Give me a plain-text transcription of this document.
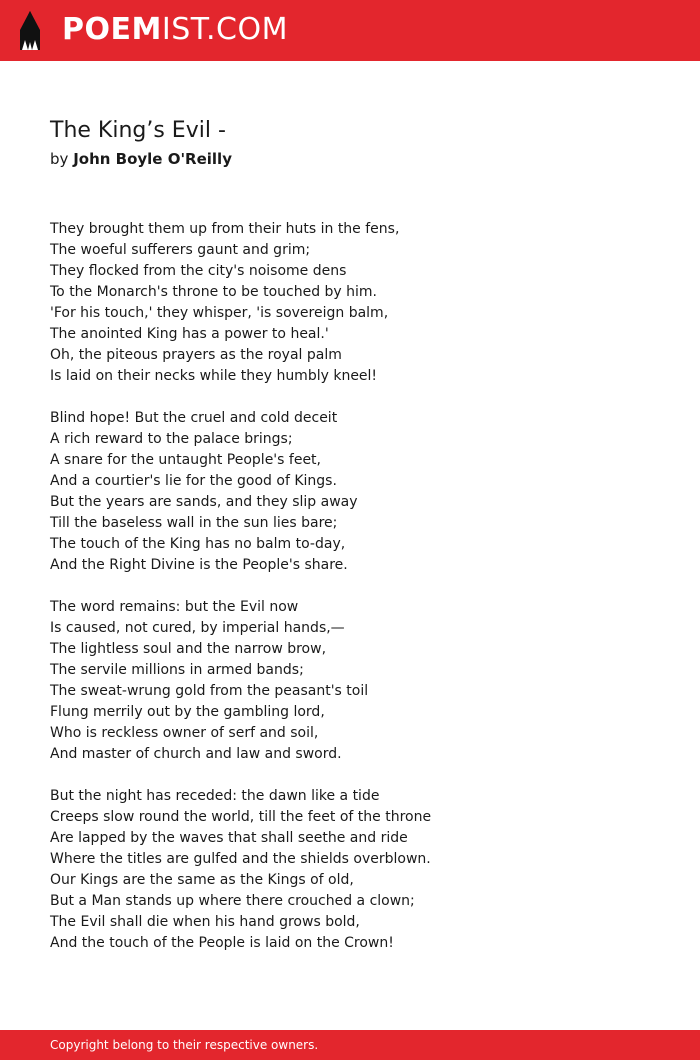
POEMIST.COM
The King’s Evil -
by John Boyle O'Reilly
They brought them up from their huts in the fens,
The woeful sufferers gaunt and grim;
They flocked from the city's noisome dens
To the Monarch's throne to be touched by him.
'For his touch,' they whisper, 'is sovereign balm,
The anointed King has a power to heal.'
Oh, the piteous prayers as the royal palm
Is laid on their necks while they humbly kneel!
Blind hope! But the cruel and cold deceit
A rich reward to the palace brings;
A snare for the untaught People's feet,
And a courtier's lie for the good of Kings.
But the years are sands, and they slip away
Till the baseless wall in the sun lies bare;
The touch of the King has no balm to-day,
And the Right Divine is the People's share.
The word remains: but the Evil now
Is caused, not cured, by imperial hands,—
The lightless soul and the narrow brow,
The servile millions in armed bands;
The sweat-wrung gold from the peasant's toil
Flung merrily out by the gambling lord,
Who is reckless owner of serf and soil,
And master of church and law and sword.
But the night has receded: the dawn like a tide
Creeps slow round the world, till the feet of the throne
Are lapped by the waves that shall seethe and ride
Where the titles are gulfed and the shields overblown.
Our Kings are the same as the Kings of old,
But a Man stands up where there crouched a clown;
The Evil shall die when his hand grows bold,
And the touch of the People is laid on the Crown!
Copyright belong to their respective owners.
